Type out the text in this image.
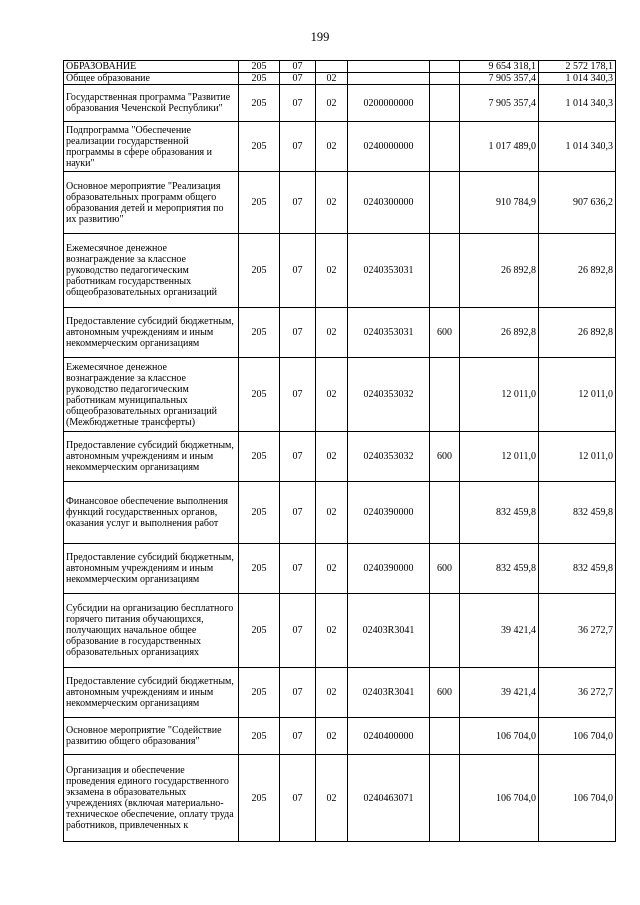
199
ОБРАЗОВАНИЕ	205	07				9 654 318,1	2 572 178,1
Общее образование	205	07	02			7 905 357,4	1 014 340,3
Государственная программа "Развитие образования Чеченской Республики"	205	07	02	0200000000		7 905 357,4	1 014 340,3
Подпрограмма "Обеспечение реализации государственной программы в сфере образования и науки"	205	07	02	0240000000		1 017 489,0	1 014 340,3
Основное мероприятие "Реализация образовательных программ общего образования детей и мероприятия по их развитию"	205	07	02	0240300000		910 784,9	907 636,2
Ежемесячное денежное вознаграждение за классное руководство педагогическим работникам государственных общеобразовательных организаций	205	07	02	0240353031		26 892,8	26 892,8
Предоставление субсидий бюджетным, автономным учреждениям и иным некоммерческим организациям	205	07	02	0240353031	600	26 892,8	26 892,8
Ежемесячное денежное вознаграждение за классное руководство педагогическим работникам муниципальных общеобразовательных организаций (Межбюджетные трансферты)	205	07	02	0240353032		12 011,0	12 011,0
Предоставление субсидий бюджетным, автономным учреждениям и иным некоммерческим организациям	205	07	02	0240353032	600	12 011,0	12 011,0
Финансовое обеспечение выполнения функций государственных органов, оказания услуг и выполнения работ	205	07	02	0240390000		832 459,8	832 459,8
Предоставление субсидий бюджетным, автономным учреждениям и иным некоммерческим организациям	205	07	02	0240390000	600	832 459,8	832 459,8
Субсидии на организацию бесплатного горячего питания обучающихся, получающих начальное общее образование в государственных образовательных организациях	205	07	02	02403R3041		39 421,4	36 272,7
Предоставление субсидий бюджетным, автономным учреждениям и иным некоммерческим организациям	205	07	02	02403R3041	600	39 421,4	36 272,7
Основное мероприятие "Содействие развитию общего образования"	205	07	02	0240400000		106 704,0	106 704,0
Организация и обеспечение проведения единого государственного экзамена в образовательных учреждениях (включая материально-техническое обеспечение, оплату труда работников, привлеченных к	205	07	02	0240463071		106 704,0	106 704,0
